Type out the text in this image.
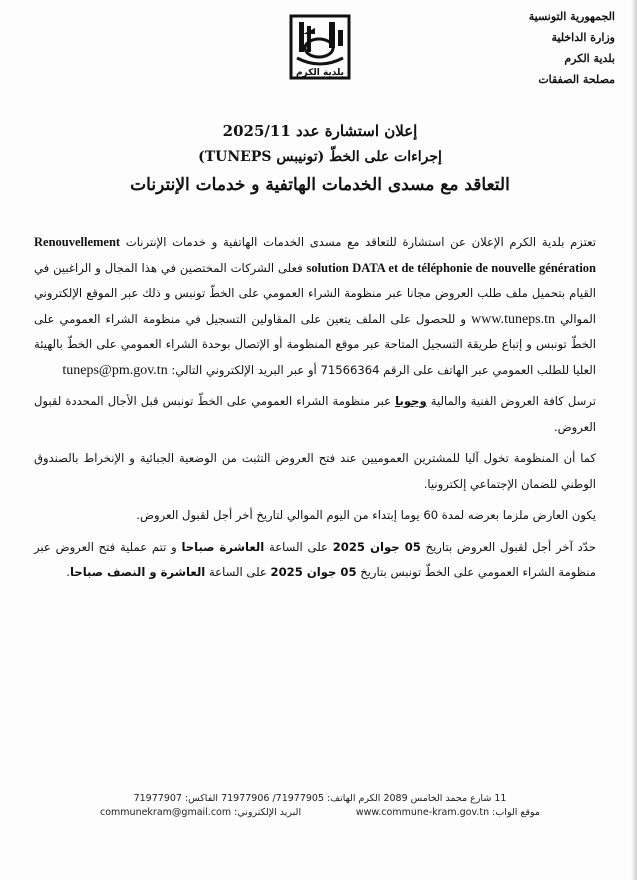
الجمهورية التونسية
وزارة الداخلية
بلدية الكرم
مصلحة الصفقات
بلدية الكرم
إعلان استشارة عدد 2025/11
إجراءات على الخطّ (تونيبس TUNEPS)
التعاقد مع مسدى الخدمات الهاتفية و خدمات الإنترنات

تعتزم بلدية الكرم الإعلان عن استشارة للتعاقد مع مسدى الخدمات الهاتفية و خدمات الإنترنات Renouvellement solution DATA et de téléphonie de nouvelle génération فعلى الشركات المختصين في هذا المجال و الراغبين في القيام بتحميل ملف طلب العروض مجانا عبر منظومة الشراء العمومي على الخطّ تونبس و ذلك عبر الموقع الإلكتروني الموالي www.tuneps.tn و للحصول على الملف يتعين على المقاولين التسجيل في منظومة الشراء العمومي على الخطّ تونبس و إتباع طريقة التسجيل المتاحة عبر موقع المنظومة أو الإتصال بوحدة الشراء العمومي على الخطّ بالهيئة العليا للطلب العمومي عبر الهاتف على الرقم 71566364 أو عبر البريد الإلكتروني التالي: tuneps@pm.gov.tn

ترسل كافة العروض الفنية والمالية وجوبا عبر منظومة الشراء العمومي على الخطّ تونبس قبل الأجال المحددة لقبول العروض.

كما أن المنظومة تخول آليا للمشترين العموميين عند فتح العروض التثبت من الوضعية الجبائية و الإنخراط بالصندوق الوطني للضمان الإجتماعي إلكترونيا.

يكون العارض ملزما بعرضه لمدة 60 يوما إبتداء من اليوم الموالي لتاريخ أخر أجل لقبول العروض.

حدّد آخر أجل لقبول العروض بتاريخ 05 جوان 2025 على الساعة العاشرة صباحا و تتم عملية فتح العروض عبر منظومة الشراء العمومي على الخطّ تونبس بتاريخ 05 جوان 2025 على الساعة العاشرة و النصف صباحا.

11 شارع محمد الخامس 2089 الكرم الهاتف: 71977905/ 71977906 الفاكس: 71977907
موقع الواب: www.commune-kram.gov.tn
البريد الإلكتروني: communekram@gmail.com
